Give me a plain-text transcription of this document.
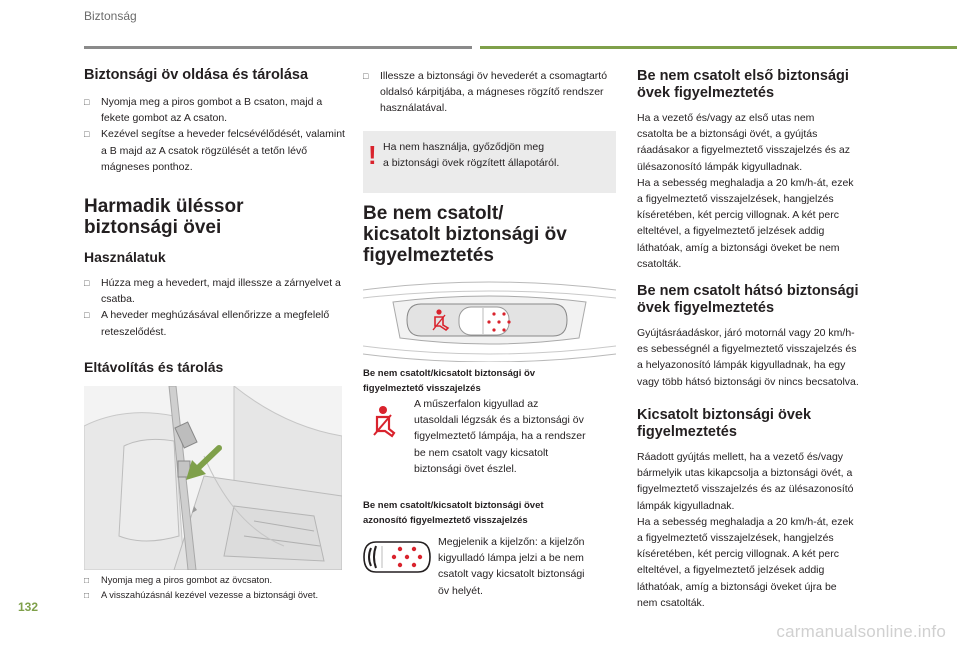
Biztonság
Biztonsági öv oldása és tárolása
□ Nyomja meg a piros gombot a B csaton, majd a fekete gombot az A csaton.
□ Kezével segítse a heveder felcsévélődését, valamint a B majd az A csatok rögzülését a tetőn lévő mágneses ponthoz.
Harmadik üléssor
biztonsági övei
Használatuk
□ Húzza meg a hevedert, majd illessze a zárnyelvet a csatba.
□ A heveder meghúzásával ellenőrizze a megfelelő reteszelődést.
Eltávolítás és tárolás
□ Nyomja meg a piros gombot az övcsaton.
□ A visszahúzásnál kezével vezesse a biztonsági övet.
□ Illessze a biztonsági öv hevederét a csomagtartó oldalsó kárpitjába, a mágneses rögzítő rendszer használatával.
! Ha nem használja, győződjön meg
a biztonsági övek rögzített állapotáról.
Be nem csatolt/
kicsatolt biztonsági öv
figyelmeztetés
Be nem csatolt/kicsatolt biztonsági öv
figyelmeztető visszajelzés
A műszerfalon kigyullad az
utasoldali légzsák és a biztonsági öv
figyelmeztető lámpája, ha a rendszer
be nem csatolt vagy kicsatolt
biztonsági övet észlel.
Be nem csatolt/kicsatolt biztonsági övet
azonosító figyelmeztető visszajelzés
Megjelenik a kijelzőn: a kijelzőn
kigyulladó lámpa jelzi a be nem
csatolt vagy kicsatolt biztonsági
öv helyét.
Be nem csatolt első biztonsági
övek figyelmeztetés
Ha a vezető és/vagy az első utas nem
csatolta be a biztonsági övét, a gyújtás
ráadásakor a figyelmeztető visszajelzés és az
ülésazonosító lámpák kigyulladnak.
Ha a sebesség meghaladja a 20 km/h-át, ezek
a figyelmeztető visszajelzések, hangjelzés
kíséretében, két percig villognak. A két perc
elteltével, a figyelmeztető jelzések addig
láthatóak, amíg a biztonsági öveket be nem
csatolták.
Be nem csatolt hátsó biztonsági
övek figyelmeztetés
Gyújtásráadáskor, járó motornál vagy 20 km/h-
es sebességnél a figyelmeztető visszajelzés és
a helyazonosító lámpák kigyulladnak, ha egy
vagy több hátsó biztonsági öv nincs becsatolva.
Kicsatolt biztonsági övek
figyelmeztetés
Ráadott gyújtás mellett, ha a vezető és/vagy
bármelyik utas kikapcsolja a biztonsági övét, a
figyelmeztető visszajelzés és az ülésazonosító
lámpák kigyulladnak.
Ha a sebesség meghaladja a 20 km/h-át, ezek
a figyelmeztető visszajelzések, hangjelzés
kíséretében, két percig villognak. A két perc
elteltével, a figyelmeztető jelzések addig
láthatóak, amíg a biztonsági öveket újra be
nem csatolták.
132
carmanualsonline.info
